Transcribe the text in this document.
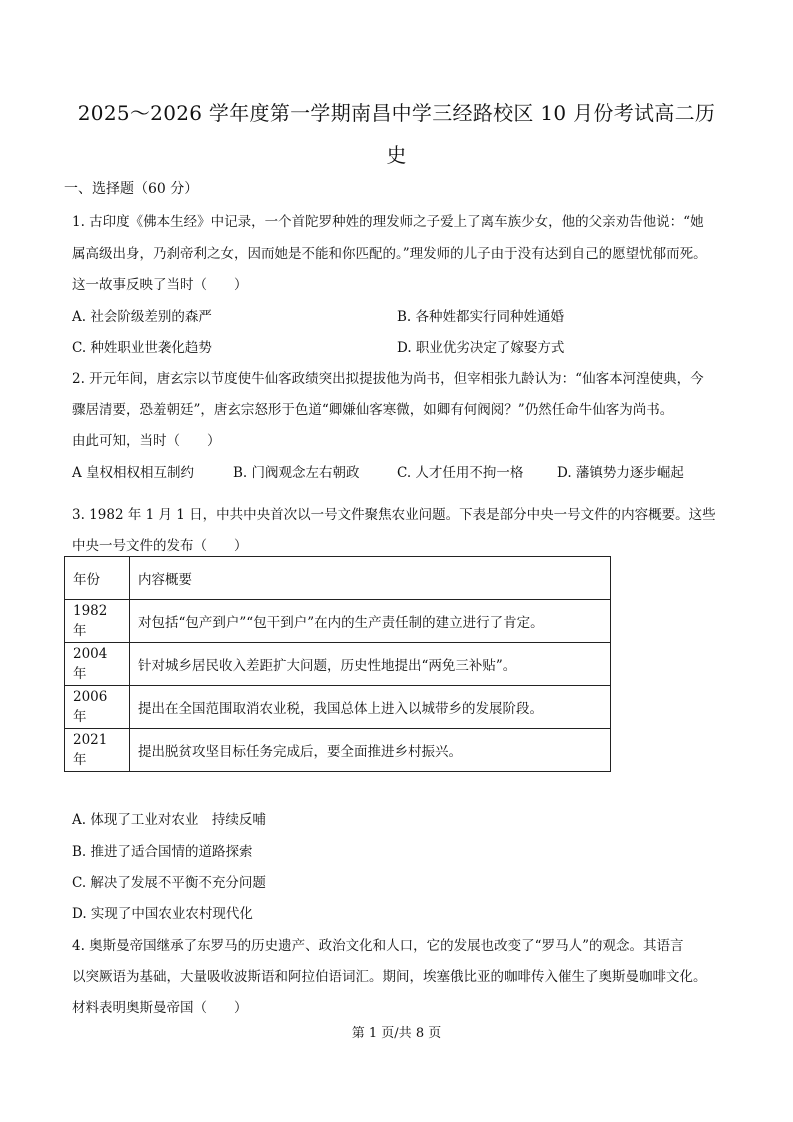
2025～2026 学年度第一学期南昌中学三经路校区 10 月份考试高二历
史
一、选择题（60 分）
1. 古印度《佛本生经》中记录，一个首陀罗种姓的理发师之子爱上了离车族少女，他的父亲劝告他说：“她
属高级出身，乃刹帝利之女，因而她是不能和你匹配的。”理发师的儿子由于没有达到自己的愿望忧郁而死。
这一故事反映了当时（　　）
A. 社会阶级差别的森严	B. 各种姓都实行同种姓通婚
C. 种姓职业世袭化趋势	D. 职业优劣决定了嫁娶方式
2. 开元年间，唐玄宗以节度使牛仙客政绩突出拟提拔他为尚书，但宰相张九龄认为：“仙客本河湟使典，今
骤居清要，恐羞朝廷”，唐玄宗怒形于色道“卿嫌仙客寒微，如卿有何阀阅？”仍然任命牛仙客为尚书。
由此可知，当时（　　）
A 皇权相权相互制约	B. 门阀观念左右朝政	C. 人才任用不拘一格 D. 藩镇势力逐步崛起
3. 1982 年 1 月 1 日，中共中央首次以一号文件聚焦农业问题。下表是部分中央一号文件的内容概要。这些
中央一号文件的发布（　　）
年份	内容概要
1982 年	对包括“包产到户”“包干到户”在内的生产责任制的建立进行了肯定。
2004 年	针对城乡居民收入差距扩大问题，历史性地提出“两免三补贴”。
2006 年	提出在全国范围取消农业税，我国总体上进入以城带乡的发展阶段。
2021 年	提出脱贫攻坚目标任务完成后，要全面推进乡村振兴。
A. 体现了工业对农业　持续反哺
B. 推进了适合国情的道路探索
C. 解决了发展不平衡不充分问题
D. 实现了中国农业农村现代化
4. 奥斯曼帝国继承了东罗马的历史遗产、政治文化和人口，它的发展也改变了“罗马人”的观念。其语言
以突厥语为基础，大量吸收波斯语和阿拉伯语词汇。期间，埃塞俄比亚的咖啡传入催生了奥斯曼咖啡文化。
材料表明奥斯曼帝国（　　）
第 1 页/共 8 页
